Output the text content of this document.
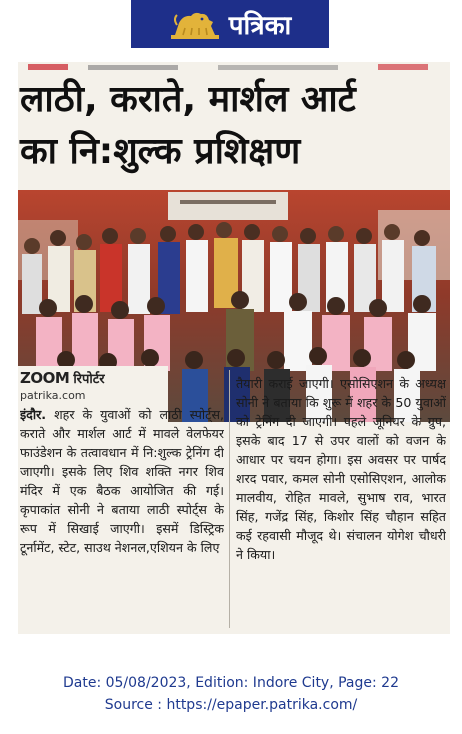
पत्रिका
लाठी, कराते, मार्शल आर्ट
का नि:शुल्क प्रशिक्षण
ZOOM रिपोर्टर
patrika.com

इंदौर. शहर के युवाओं को लाठी स्पोर्ट्स, कराते और मार्शल आर्ट में मावले वेलफेयर फाउंडेशन के तत्वावधान में नि:शुल्क ट्रेनिंग दी जाएगी। इसके लिए शिव शक्ति नगर शिव मंदिर में एक बैठक आयोजित की गई। कृपाकांत सोनी ने बताया लाठी स्पोर्ट्स के रूप में सिखाई जाएगी। इसमें डिस्ट्रिक टूर्नामेंट, स्टेट, साउथ नेशनल,एशियन के लिए

तैयारी कराई जाएगी। एसोसिएशन के अध्यक्ष सोनी ने बताया कि शुरू में शहर के 50 युवाओं को ट्रेनिंग दी जाएगी। पहले जूनियर के ग्रुप, इसके बाद 17 से उपर वालों को वजन के आधार पर चयन होगा। इस अवसर पर पार्षद शरद पवार, कमल सोनी एसोसिएशन, आलोक मालवीय, रोहित मावले, सुभाष राव, भारत सिंह, गजेंद्र सिंह, किशोर सिंह चौहान सहित कई रहवासी मौजूद थे। संचालन योगेश चौधरी ने किया।

Date: 05/08/2023, Edition: Indore City, Page: 22
Source : https://epaper.patrika.com/
